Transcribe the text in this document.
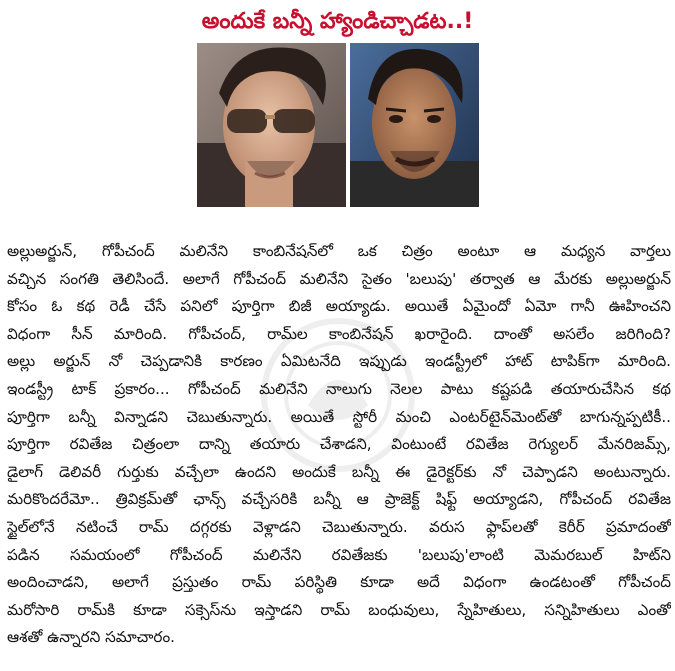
అందుకే బన్నీ హ్యాండిచ్చాడట..!
అల్లుఅర్జున్, గోపీచంద్ మలినేని కాంబినేషన్‌లో ఒక చిత్రం అంటూ ఆ మధ్యన వార్తలు
వచ్చిన సంగతి తెలిసిందే. అలాగే గోపీచంద్ మలినేని సైతం 'బలుపు' తర్వాత ఆ మేరకు అల్లుఅర్జున్
కోసం ఓ కథ రెడీ చేసే పనిలో పూర్తిగా బిజీ అయ్యాడు. అయితే ఏమైందో ఏమో గానీ ఊహించని
విధంగా సీన్ మారింది. గోపీచంద్, రామ్‌ల కాంబినేషన్ ఖరారైంది. దాంతో అసలేం జరిగింది?
అల్లు అర్జున్ నో చెప్పడానికి కారణం ఏమిటనేది ఇప్పుడు ఇండస్ట్రీలో హాట్ టాపిక్‌గా మారింది.
ఇండస్ట్రీ టాక్ ప్రకారం... గోపీచంద్ మలినేని నాలుగు నెలల పాటు కష్టపడి తయారుచేసిన కథ
పూర్తిగా బన్నీ విన్నాడని చెబుతున్నారు. అయితే స్టోరీ మంచి ఎంటర్‌టైన్‌మెంట్‌తో బాగున్నప్పటికీ..
పూర్తిగా రవితేజ చిత్రంలా దాన్ని తయారు చేశాడని, వింటుంటే రవితేజ రెగ్యులర్ మేనరిజమ్స్,
డైలాగ్ డెలివరీ గుర్తుకు వచ్చేలా ఉందని అందుకే బన్నీ ఈ డైరెక్టర్‌కు నో చెప్పాడని అంటున్నారు.
మరికొందరేమో.. త్రివిక్రమ్‌తో ఛాన్స్ వచ్చేసరికి బన్నీ ఆ ప్రాజెక్ట్ షిఫ్ట్ అయ్యాడని, గోపీచంద్ రవితేజ
స్టైల్‌లోనే నటించే రామ్ దగ్గరకు వెళ్లాడని చెబుతున్నారు. వరుస ఫ్లాప్‌లతో కెరీర్ ప్రమాదంతో
పడిన సమయంలో గోపీచంద్ మలినేని రవితేజకు 'బలుపు'లాంటి మెమరబుల్ హిట్‌ని
అందించాడని, అలాగే ప్రస్తుతం రామ్ పరిస్థితి కూడా అదే విధంగా ఉండటంతో గోపీచంద్
మరోసారి రామ్‌కి కూడా సక్సెస్‌ను ఇస్తాడని రామ్ బంధువులు, స్నేహితులు, సన్నిహితులు ఎంతో
ఆశతో ఉన్నారని సమాచారం.
